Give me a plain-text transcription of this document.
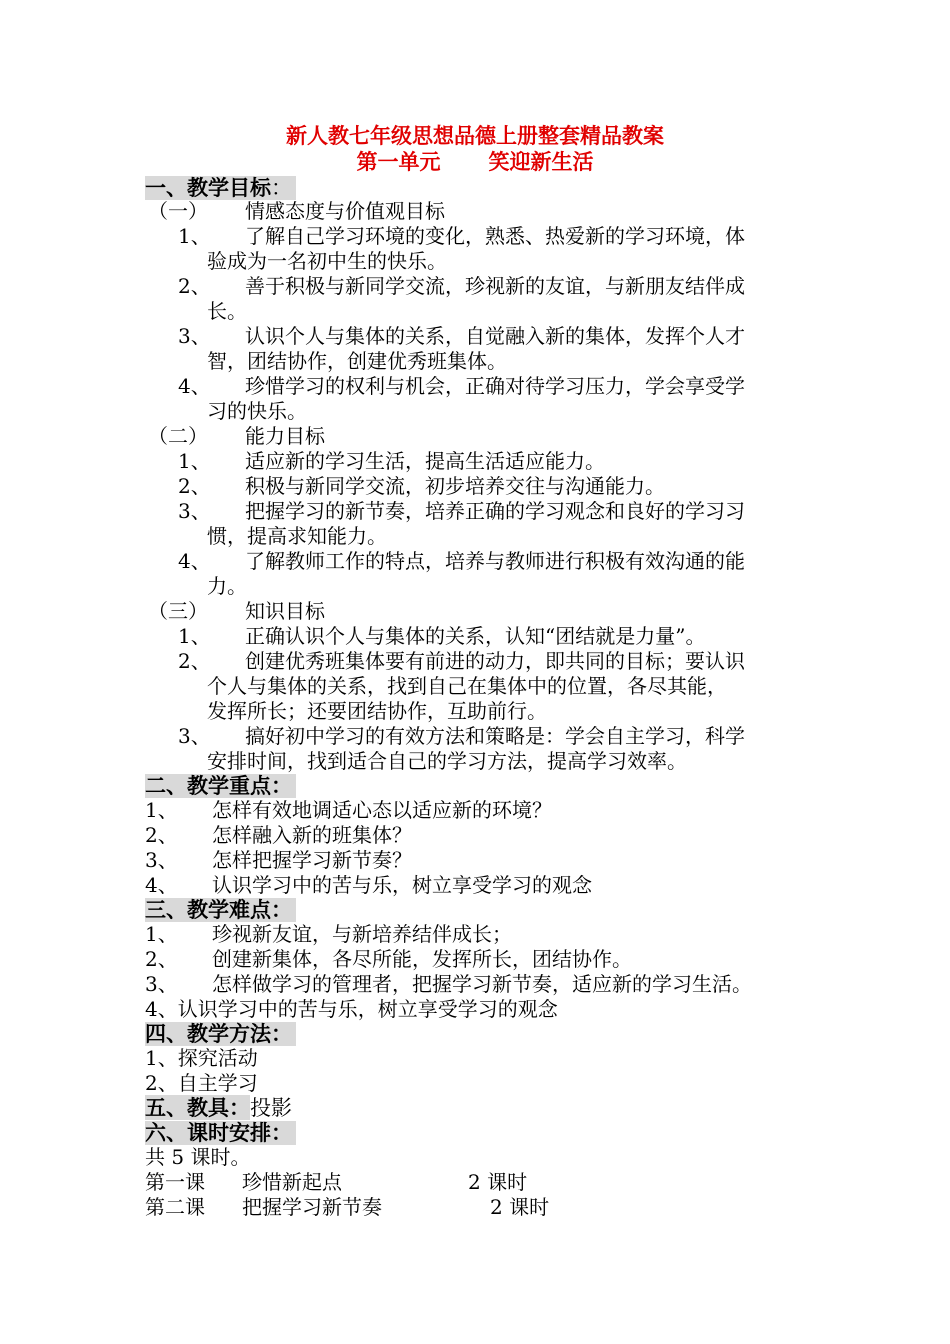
新人教七年级思想品德上册整套精品教案
第一单元 笑迎新生活
一、教学目标：
（一） 情感态度与价值观目标
1、 了解自己学习环境的变化，熟悉、热爱新的学习环境，体
验成为一名初中生的快乐。
2、 善于积极与新同学交流，珍视新的友谊，与新朋友结伴成
长。
3、 认识个人与集体的关系，自觉融入新的集体，发挥个人才
智，团结协作，创建优秀班集体。
4、 珍惜学习的权利与机会，正确对待学习压力，学会享受学
习的快乐。
（二） 能力目标
1、 适应新的学习生活，提高生活适应能力。
2、 积极与新同学交流，初步培养交往与沟通能力。
3、 把握学习的新节奏，培养正确的学习观念和良好的学习习
惯，提高求知能力。
4、 了解教师工作的特点，培养与教师进行积极有效沟通的能
力。
（三） 知识目标
1、 正确认识个人与集体的关系，认知“团结就是力量”。
2、 创建优秀班集体要有前进的动力，即共同的目标；要认识
个人与集体的关系，找到自己在集体中的位置，各尽其能，
发挥所长；还要团结协作，互助前行。
3、 搞好初中学习的有效方法和策略是：学会自主学习，科学
安排时间，找到适合自己的学习方法，提高学习效率。
二、教学重点：
1、 怎样有效地调适心态以适应新的环境？
2、 怎样融入新的班集体？
3、 怎样把握学习新节奏？
4、 认识学习中的苦与乐，树立享受学习的观念
三、教学难点：
1、 珍视新友谊，与新培养结伴成长；
2、 创建新集体，各尽所能，发挥所长，团结协作。
3、 怎样做学习的管理者，把握学习新节奏，适应新的学习生活。
4、认识学习中的苦与乐，树立享受学习的观念
四、教学方法：
1、探究活动
2、自主学习
五、教具：投影
六、课时安排：
共 5 课时。
第一课 珍惜新起点	2 课时
第二课 把握学习新节奏	2 课时
